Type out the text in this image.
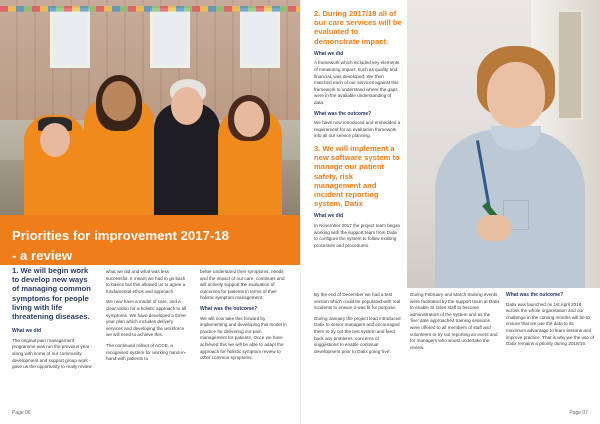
Priorities for improvement 2017-18
- a review
1. We will begin work to develop new ways of managing common symptoms for people living with life threatening diseases.
What we did

The original pain management programme was run the previous year - along with some of our community development and support group work - gave us the opportunity to really review

what we did and what was less successful. It meant we had to go back to basics but this allowed us to agree a fundamental ethos and approach.

We now have a model of care, and a clear vision for a holistic approach to all symptoms. We have developed a three-year plan which includes delivery services and developing the workforce we will need to achieve this.

The continued rollout of ACCE, a recognised system for working hand-in-hand with patients to

better understand their symptoms, needs and the impact of our care, continues and will actively support the evaluation of outcomes for patients in terms of their holistic symptom management.

What was the outcome?

We will now take this forward by implementing and developing this model in practice for delivering our pain management for patients. Once we have achieved this we will be able to adapt the approach for holistic symptom review to other common symptoms.

Page 06
2. During 2017/18 all of our care services will be evaluated to demonstrate impact.
What we did

A framework which included key elements of measuring impact, such as quality and financial, was developed. We then matched each of our services against this framework to understand where the gaps were in the available understanding of data.

What was the outcome?

We have now introduced and embedded a requirement for an evaluation framework into all our service planning.

3. We will implement a new software system to manage our patient safety, risk management and incident reporting system, Datix
What we did

In November 2017 the project team began working with the support team from Datix to configure the system to follow existing processes and procedures.

By the end of December we had a test version which could be populated with real incidents to ensure it was fit for purpose.

During January the project lead introduced Datix to senior managers and encouraged them to try out the test system and feed back any problems, concerns or suggestions to enable continual development prior to Datix going 'live'.

During February and March training events were facilitated by the support team at Datix to enable St Giles staff to become administrators of the system and as the 'live' date approached training sessions were offered to all members of staff and volunteers to try out reporting an event and for managers who would undertake the review.

What was the outcome?

Datix was launched on 1st April 2018 across the whole organisation and our challenge in the coming months will be to ensure that we use the data to its maximum advantage to learn lessons and improve practice. That is why we the use of Datix remains a priority during 2018/19.

Page 07
